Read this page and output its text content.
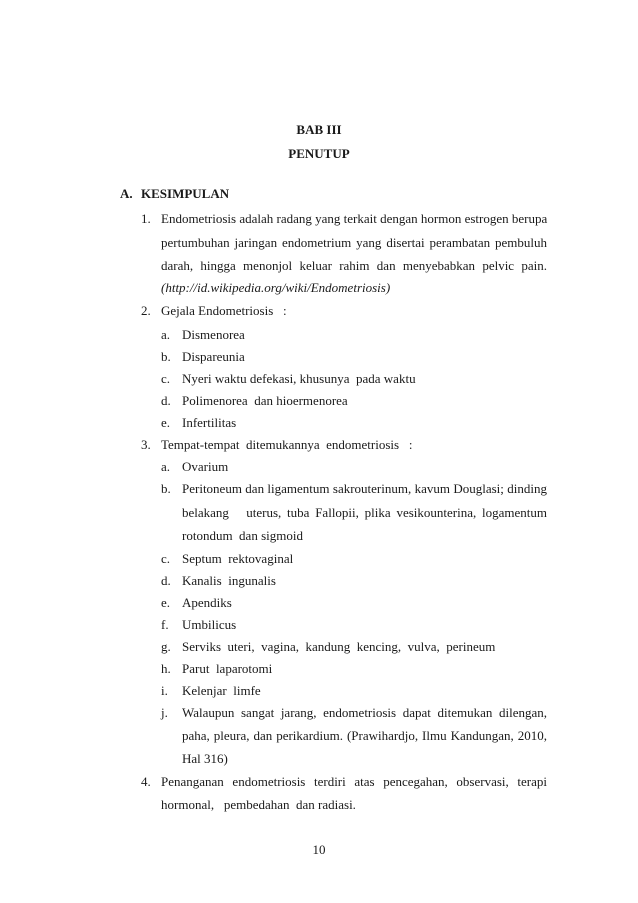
BAB III
PENUTUP
A. KESIMPULAN
1. Endometriosis adalah radang yang terkait dengan hormon estrogen berupa
pertumbuhan jaringan endometrium yang disertai perambatan pembuluh
darah, hingga menonjol keluar rahim dan menyebabkan pelvic pain.
(http://id.wikipedia.org/wiki/Endometriosis)
2. Gejala Endometriosis   :
a. Dismenorea
b. Dispareunia
c. Nyeri waktu defekasi, khusunya  pada waktu
d. Polimenorea  dan hioermenorea
e. Infertilitas
3. Tempat-tempat  ditemukannya  endometriosis   :
a. Ovarium
b. Peritoneum dan ligamentum sakrouterinum, kavum Douglasi; dinding
belakang   uterus, tuba Fallopii, plika vesikounterina, logamentum
rotondum  dan sigmoid
c. Septum  rektovaginal
d. Kanalis  ingunalis
e. Apendiks
f. Umbilicus
g. Serviks  uteri,  vagina,  kandung  kencing,  vulva,  perineum
h. Parut  laparotomi
i. Kelenjar  limfe
j. Walaupun sangat jarang, endometriosis dapat ditemukan dilengan,
paha, pleura, dan perikardium. (Prawihardjo, Ilmu Kandungan, 2010,
Hal 316)
4. Penanganan endometriosis terdiri atas pencegahan, observasi, terapi
hormonal,   pembedahan  dan radiasi.
10
